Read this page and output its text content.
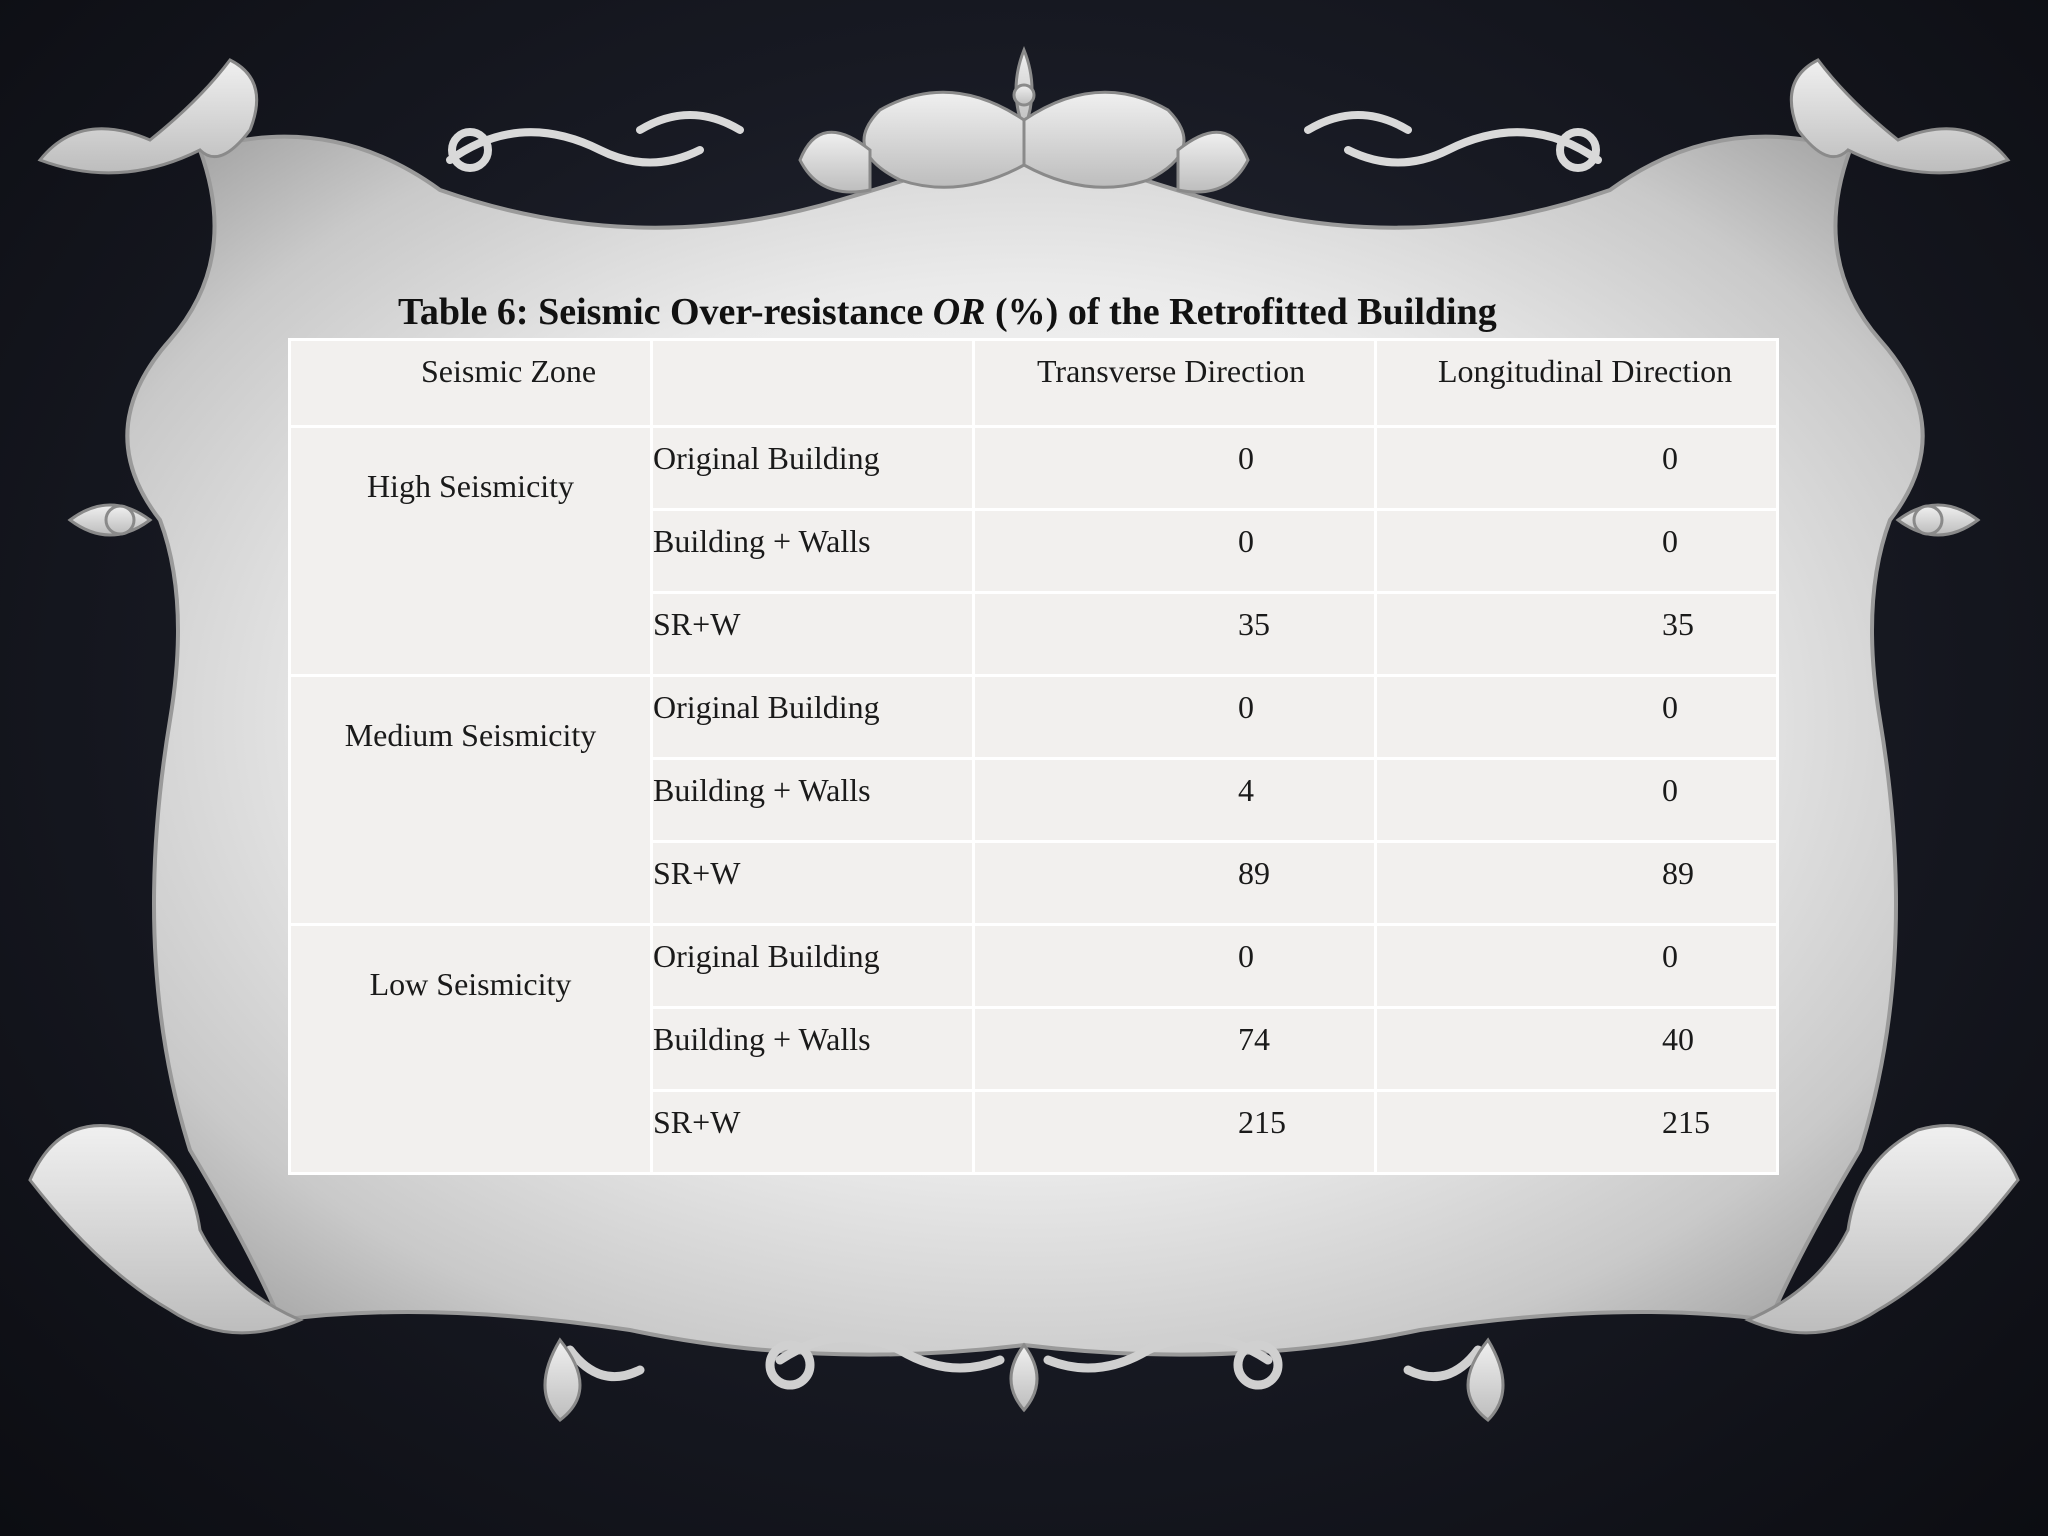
Table 6: Seismic Over-resistance OR (%) of the Retrofitted Building
Seismic Zone		Transverse Direction	Longitudinal Direction
High Seismicity	Original Building	0	0
	Building + Walls	0	0
	SR+W	35	35
Medium Seismicity	Original Building	0	0
	Building + Walls	4	0
	SR+W	89	89
Low Seismicity	Original Building	0	0
	Building + Walls	74	40
	SR+W	215	215
